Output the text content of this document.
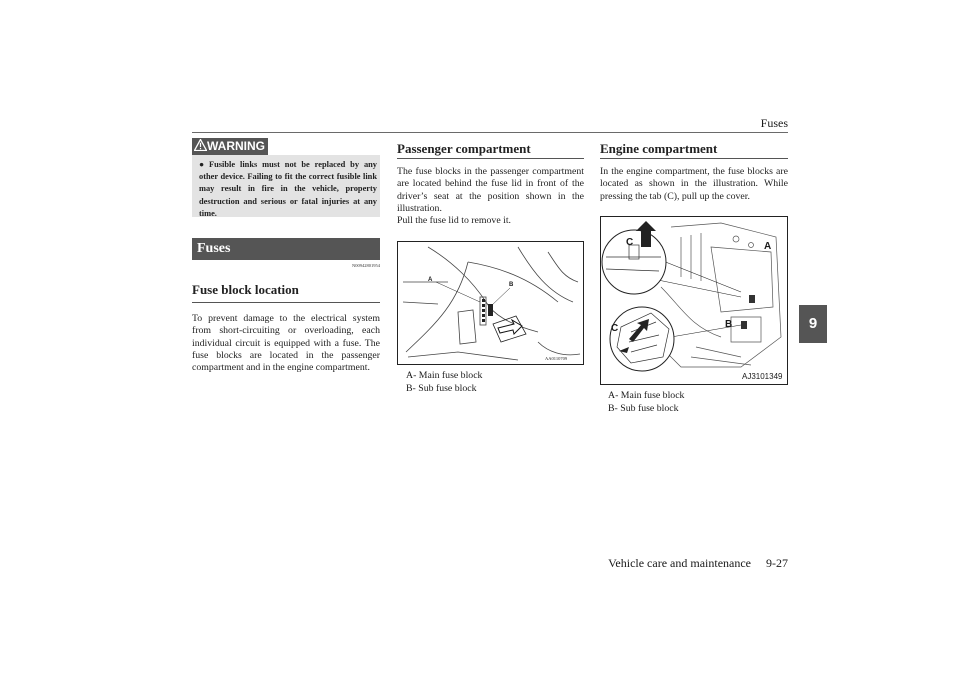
Fuses
WARNING
● Fusible links must not be replaced by any other device. Failing to fit the correct fusible link may result in fire in the vehicle, property destruction and serious or fatal injuries at any time.
Fuses
N00942801954
Fuse block location
To prevent damage to the electrical system from short-circuiting or overloading, each individual circuit is equipped with a fuse. The fuse blocks are located in the passenger compartment and in the engine compartment.
Passenger compartment
The fuse blocks in the passenger compartment are located behind the fuse lid in front of the driver’s seat at the position shown in the illustration.
Pull the fuse lid to remove it.
A
B
AA0110709
A- Main fuse block
B- Sub fuse block
Engine compartment
In the engine compartment, the fuse blocks are located as shown in the illustration. While pressing the tab (C), pull up the cover.
C
C
A
B
AJ3101349
A- Main fuse block
B- Sub fuse block
9
Vehicle care and maintenance     9-27
